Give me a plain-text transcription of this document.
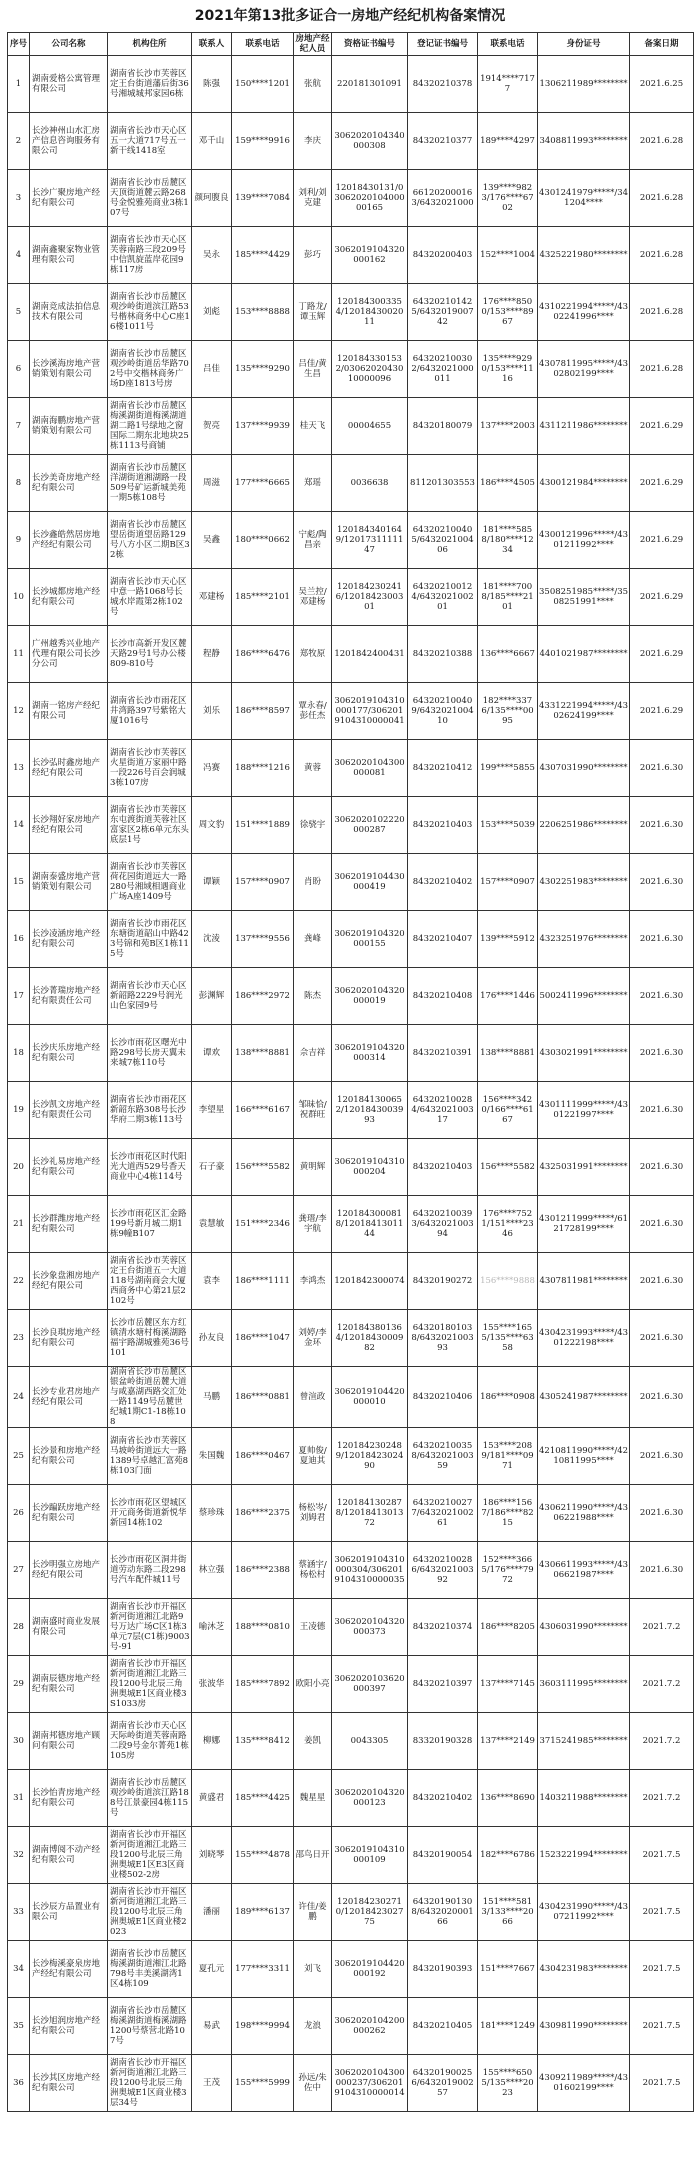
2021年第13批多证合一房地产经纪机构备案情况
序号	公司名称	机构住所	联系人	联系电话	房地产经纪人员	资格证书编号	登记证书编号	联系电话	身份证号	备案日期
1	湖南爱格公寓管理有限公司	湖南省长沙市芙蓉区定王台街道藩后街36号湘城城邦家园6栋	陈强	150****1201	张航	220181301091	84320210378	1914****7177	1306211989********	2021.6.25
2	长沙神州山水汇房产信息咨询服务有限公司	湖南省长沙市天心区五一大道717号五一新干线1418室	邓千山	159****9916	李庆	3062020104340000308	84320210377	189****4297	3408811993********	2021.6.28
3	长沙广聚房地产经纪有限公司	湖南省长沙市岳麓区天顶街道麓云路268号金悦雅苑商业3栋107号	颜珂腹良	139****7084	刘利/刘克建	12018430131/0306202010400000165	661202000163/6432021000	139****9823/176****6702	4301241979*****/341204****	2021.6.28
4	湖南鑫聚家物业管理有限公司	湖南省长沙市天心区芙蓉南路三段209号中信凯旋蓝岸花园9栋117房	吴永	185****4429	彭巧	3062019104320000162	84320200403	152****1004	4325221980********	2021.6.28
5	湖南竞成法拍信息技术有限公司	湖南省长沙市岳麓区观沙岭街道滨江路53号楷林商务中心C座16楼1011号	刘彪	153****8888	丁路龙/谭玉辉	1201843003354/1201843002011	643202101425/643201900742	176****8500/153****8967	4310221994*****/4302241996****	2021.6.28
6	长沙溪海房地产营销策划有限公司	湖南省长沙市岳麓区观沙岭街道岳华路702号中交楷林商务广场D座1813号房	吕佳	135****9290	吕佳/黄生昌	1201843301532/0306202043010000096	643202100302/6432021000011	135****9290/153****1116	4307811995*****/4302802199****	2021.6.28
7	湖南海鹏房地产营销策划有限公司	湖南省长沙市岳麓区梅溪湖街道梅溪湖道湖二路1号绿地之窗国际二期东北地块25栋1113号商铺	贺亮	137****9939	桂天飞	00004655	84320180079	137****2003	4311211986********	2021.6.29
8	长沙美奇房地产经纪有限公司	湖南省长沙市岳麓区洋湖街道湘湖路一段509号矿运新城美苑一期5栋108号	周滋	177****6665	郑瑶	0036638	811201303553	186****4505	4300121984********	2021.6.29
9	长沙鑫皓然居房地产经纪有限公司	湖南省长沙市岳麓区望岳街道望岳路129号八方小区二期B区32栋	吴鑫	180****0662	宁彪/陶昌亲	1201843401649/1201731111147	643202100405/643202100406	181****5858/180****1234	4300121996*****/4301211992****	2021.6.29
10	长沙城都房地产经纪有限公司	湖南省长沙市天心区中意一路1068号长城水岸霞第2栋102号	邓建杨	185****2101	吴兰控/邓建杨	1201842302416/1201842300301	643202100124/643202100201	181****7008/185****2101	3508251985*****/3508251991****	2021.6.29
11	广州越秀兴业地产代理有限公司长沙分公司	长沙市高新开发区麓天路29号1号办公楼809-810号	程静	186****6476	郑牧原	1201842400431	84320210388	136****6667	4401021987********	2021.6.29
12	湖南一铭房产经纪有限公司	湖南省长沙市雨花区井湾路397号紫铭大厦1016号	刘乐	186****8597	覃永春/彭任杰	3062019104310000177/3062019104310000041	643202100409/643202100410	182****3376/135****0095	4331221994*****/4302624199****	2021.6.29
13	长沙弘时鑫房地产经纪有限公司	湖南省长沙市芙蓉区火星街道万家丽中路一段226号百会润城3栋107房	冯赛	188****1216	黄蓉	3062020104300000081	84320210412	199****5855	4307031990********	2021.6.30
14	长沙翔好家房地产经纪有限公司	湖南省长沙市芙蓉区东屯渡街道芙蓉社区富家区2栋6单元东头底层1号	周文豹	151****1889	徐骁宇	3062020102220000287	84320210403	153****5039	2206251986********	2021.6.30
15	湖南泰盛房地产营销策划有限公司	湖南省长沙市芙蓉区荷花园街道远大一路280号湘域相遇商业广场A座1409号	谭颖	157****0907	肖盼	3062019104430000419	84320210402	157****0907	4302251983********	2021.6.30
16	长沙凌涵房地产经纪有限公司	湖南省长沙市雨花区东塘街道韶山中路423号锦和苑B区1栋115号	沈淩	137****9556	龚峰	3062019104320000155	84320210407	139****5912	4323251976********	2021.6.30
17	长沙菁瑞房地产经纪有限责任公司	湖南省长沙市天心区新韶路2229号润光山色家园9号	彭渊辉	186****2972	陈杰	3062020104320000019	84320210408	176****1446	5002411996********	2021.6.30
18	长沙庆乐房地产经纪有限公司	长沙市雨花区曙光中路298号长房天翼未来城7栋110号	谭欢	138****8881	佘吉祥	3062019104320000314	84320210391	138****8881	4303021991********	2021.6.30
19	长沙凯文房地产经纪有限责任公司	湖南省长沙市雨花区新韶东路308号长沙华府二期3栋113号	李望星	166****6167	邹昧恰/祝群旺	1201841300652/1201843003993	643202100284/643202100317	156****3420/166****6167	4301111999*****/4301221997****	2021.6.30
20	长沙礼易房地产经纪有限公司	长沙市雨花区时代阳光大道西529号香天商业中心4栋114号	石子豪	156****5582	黄明辉	3062019104310000204	84320210403	156****5582	4325031991********	2021.6.30
21	长沙群潍房地产经纪有限公司	长沙市雨花区汇金路199号新月城二期1栋9幢B107	袁慧敏	151****2346	龚瑨/李宇航	1201843000818/1201841301144	643202100393/643202100394	176****7521/151****2346	4301211999*****/6121728199****	2021.6.30
22	长沙象盘湘房地产经纪有限公司	湖南省长沙市芙蓉区定王台街道五一大道118号湖南商会大厦西商务中心第21层2102号	袁李	186****1111	李鸿杰	1201842300074	84320190272	156****9888	4307811981********	2021.6.30
23	长沙良琪房地产经纪有限公司	长沙市岳麓区东方红镇清水塘村梅溪湖路福宇路湖城雅苑36号101	孙友良	186****1047	刘婷/李金环	1201843801364/1201843000982	643201801038/643202100393	155****1655/135****6358	4304231993*****/4301222198****	2021.6.30
24	长沙专业君房地产经纪有限公司	湖南省长沙市岳麓区银盆岭街道岳麓大道与咸嘉湖西路交汇处一路1149号岳麓世纪城1期C1-18栋108	马鹏	186****0881	曾渲政	3062019104420000010	84320210406	186****0908	4305241987********	2021.6.30
25	长沙景和房地产经纪有限公司	湖南省长沙市芙蓉区马坡岭街道远大一路1389号卓越汇富苑8栋103门面	朱国魏	186****0467	夏帅俊/夏迪其	1201842302489/1201842302490	643202100358/643202100359	153****2089/181****0971	4210811990*****/4210811995****	2021.6.30
26	长沙蹁跃房地产经纪有限公司	长沙市雨花区望城区开元商务街道新悦华新园14栋102	蔡珍珠	186****2375	杨松岑/刘姆君	1201841302878/1201841301372	643202100277/643202100261	186****1567/186****8215	4306211990*****/4306221988****	2021.6.30
27	长沙明强立房地产经纪有限公司	长沙市雨花区洞井街道劳动东路二段298号汽车配件城11号	林立强	186****2388	蔡涵宇/杨松村	3062019104310000304/3062019104310000035	643202100286/643202100392	152****3665/176****7972	4306611993*****/4306621987****	2021.6.30
28	湖南盛时商业发展有限公司	湖南省长沙市开福区新河街道湘江北路9号万达广场C区1栋3单元7层(C1栋)9003号-91	喻沐芝	188****0810	王凌德	3062020104320000373	84320210374	186****8205	4306031990********	2021.7.2
29	湖南辰德房地产经纪有限公司	湖南省长沙市开福区新河街道湘江北路三段1200号北辰三角洲奥城E1区商业楼3S1033房	张波华	185****7892	欧阳小亮	3062020103620000397	84320210397	137****7145	3603111995********	2021.7.2
30	湖南邦德房地产顾问有限公司	湖南省长沙市天心区天际岭街道芙蓉南路二段9号金尔菁苑1栋105房	柳娜	135****8412	姜凯	0043305	83320190328	137****2149	3715241985********	2021.7.2
31	长沙怡青房地产经纪有限公司	湖南省长沙市岳麓区观沙岭街道滨江路188号江景豪园4栋115号	黄盛君	185****4425	魏星星	3062020104320000123	84320210402	136****8690	1403211988********	2021.7.2
32	湖南博阅不动产经纪有限公司	湖南省长沙市开福区新河街道湘江北路三段1200号北辰三角洲奥城E1区E3区商业楼502-2房	刘晓琴	155****4878	邵鸟日开	3062019104310000109	84320190054	182****6786	1523221994********	2021.7.5
33	长沙辰方品置业有限公司	湖南省长沙市开福区新河街道湘江北路三段1200号北辰三角洲奥城E1区商业楼2023	潘丽	189****6137	许佳/姜鹏	1201842302710/1201842302775	643201901308/643202000166	151****5813/133****2066	4304231990*****/4307211992****	2021.7.5
34	长沙梅溪豪泉房地产经纪有限公司	湖南省长沙市岳麓区梅溪湖街道湘江北路798号丰美溪湖湾1区4栋109	夏孔元	177****3311	刘飞	3062019104420000192	84320190393	151****7667	4304231983********	2021.7.5
35	长沙旭润房地产经纪有限公司	湖南省长沙市岳麓区梅溪湖街道梅溪湖路1200号蔡营北路107号	易武	198****9994	龙浪	3062020104200000262	84320210405	181****1249	4309811990********	2021.7.5
36	长沙其区房地产经纪有限公司	湖南省长沙市开福区新河街道湘江北路三段1200号北辰三角洲奥城E1区商业楼3层34号	王茂	155****5999	孙远/朱佐中	3062020104300000237/3062019104310000014	643201900256/643201900257	155****6505/135****2023	4309211989*****/4301602199****	2021.7.5
